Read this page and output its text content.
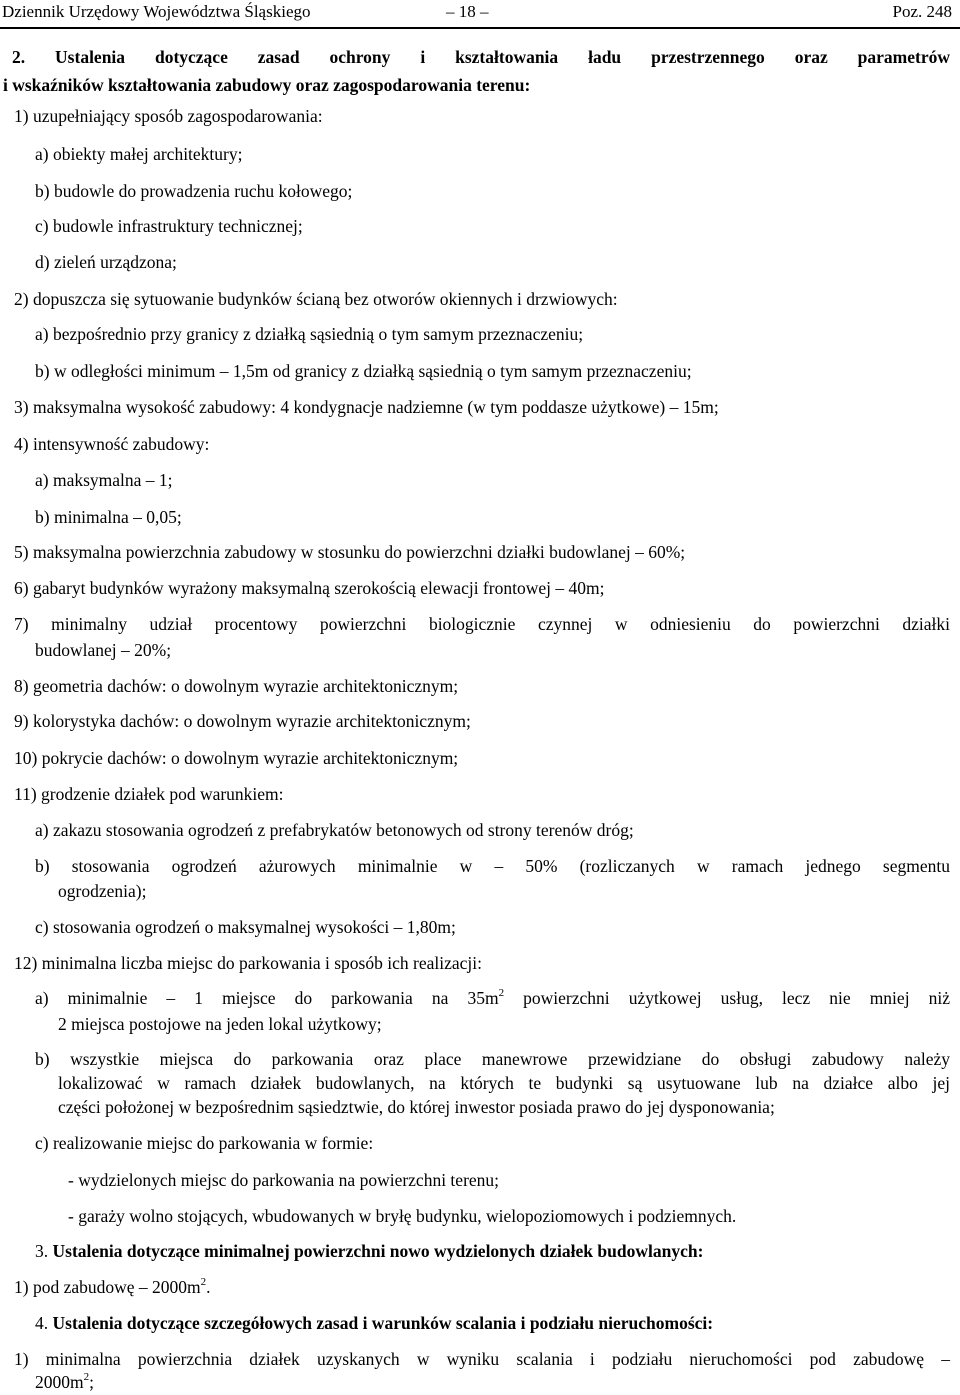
Dziennik Urzędowy Województwa Śląskiego	– 18 –	Poz. 248
2. Ustalenia dotyczące zasad ochrony i kształtowania ładu przestrzennego oraz parametrów
i wskaźników kształtowania zabudowy oraz zagospodarowania terenu:
1) uzupełniający sposób zagospodarowania:
a) obiekty małej architektury;
b) budowle do prowadzenia ruchu kołowego;
c) budowle infrastruktury technicznej;
d) zieleń urządzona;
2) dopuszcza się sytuowanie budynków ścianą bez otworów okiennych i drzwiowych:
a) bezpośrednio przy granicy z działką sąsiednią o tym samym przeznaczeniu;
b) w odległości minimum – 1,5m od granicy z działką sąsiednią o tym samym przeznaczeniu;
3) maksymalna wysokość zabudowy: 4 kondygnacje nadziemne (w tym poddasze użytkowe) – 15m;
4) intensywność zabudowy:
a) maksymalna – 1;
b) minimalna – 0,05;
5) maksymalna powierzchnia zabudowy w stosunku do powierzchni działki budowlanej – 60%;
6) gabaryt budynków wyrażony maksymalną szerokością elewacji frontowej – 40m;
7) minimalny udział procentowy powierzchni biologicznie czynnej w odniesieniu do powierzchni działki
budowlanej – 20%;
8) geometria dachów: o dowolnym wyrazie architektonicznym;
9) kolorystyka dachów: o dowolnym wyrazie architektonicznym;
10) pokrycie dachów: o dowolnym wyrazie architektonicznym;
11) grodzenie działek pod warunkiem:
a) zakazu stosowania ogrodzeń z prefabrykatów betonowych od strony terenów dróg;
b) stosowania ogrodzeń ażurowych minimalnie w – 50% (rozliczanych w ramach jednego segmentu
ogrodzenia);
c) stosowania ogrodzeń o maksymalnej wysokości – 1,80m;
12) minimalna liczba miejsc do parkowania i sposób ich realizacji:
a) minimalnie – 1 miejsce do parkowania na $35m^2$ powierzchni użytkowej usług, lecz nie mniej niż
2 miejsca postojowe na jeden lokal użytkowy;
b) wszystkie miejsca do parkowania oraz place manewrowe przewidziane do obsługi zabudowy należy
lokalizować w ramach działek budowlanych, na których te budynki są usytuowane lub na działce albo jej
części położonej w bezpośrednim sąsiedztwie, do której inwestor posiada prawo do jej dysponowania;
c) realizowanie miejsc do parkowania w formie:
- wydzielonych miejsc do parkowania na powierzchni terenu;
- garaży wolno stojących, wbudowanych w bryłę budynku, wielopoziomowych i podziemnych.
3. Ustalenia dotyczące minimalnej powierzchni nowo wydzielonych działek budowlanych:
1) pod zabudowę – $2000m^2$.
4. Ustalenia dotyczące szczegółowych zasad i warunków scalania i podziału nieruchomości:
1) minimalna powierzchnia działek uzyskanych w wyniku scalania i podziału nieruchomości pod zabudowę –
$2000m^2$;
